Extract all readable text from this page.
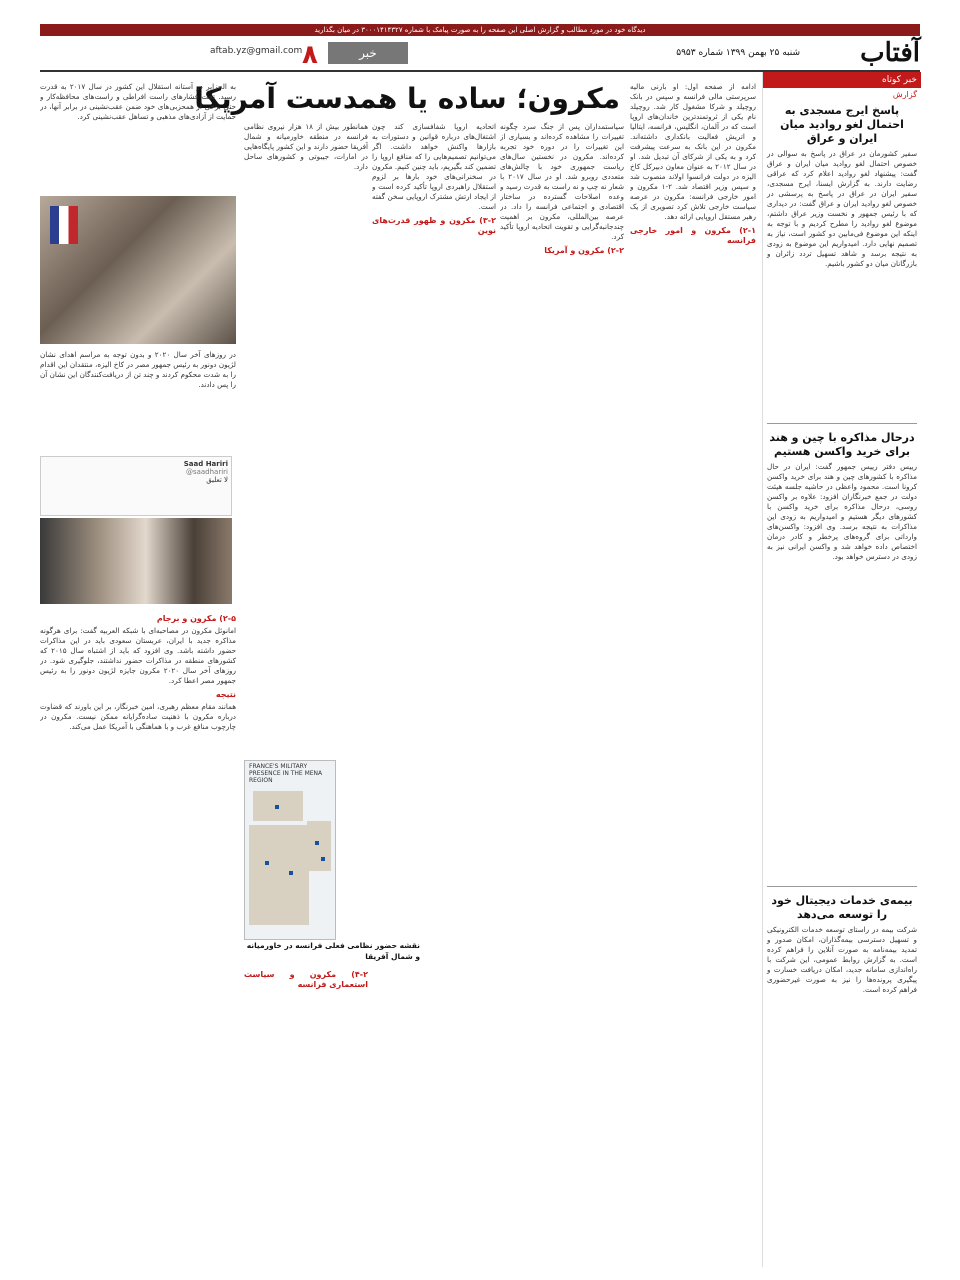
دیدگاه خود در مورد مطالب و گزارش اصلی این صفحه را به صورت پیامک با شماره ۳۰۰۰۱۴۱۴۳۲۷ در میان بگذارید
آفتاب
شنبه ۲۵ بهمن ۱۳۹۹ شماره ۵۹۵۳
خبر
۸
aftab.yz@gmail.com
خبر کوتاه
گزارش
پاسخ ایرج مسجدی به احتمال لغو روادید میان ایران و عراق
سفیر کشورمان در عراق در پاسخ به سوالی در خصوص احتمال لغو روادید میان ایران و عراق گفت: پیشنهاد لغو روادید اعلام کرد که عراقی رضایت دارند. به گزارش ایسنا، ایرج مسجدی، سفیر ایران در عراق در پاسخ به پرسشی در خصوص لغو روادید ایران و عراق گفت: در دیداری که با رئیس جمهور و نخست وزیر عراق داشتم، موضوع لغو روادید را مطرح کردیم و با توجه به اینکه این موضوع فی‌مابین دو کشور است، نیاز به تصمیم نهایی دارد. امیدواریم این موضوع به زودی به نتیجه برسد و شاهد تسهیل تردد زائران و بازرگانان میان دو کشور باشیم.
درحال مذاکره با چین و هند برای خرید واکسن هستیم
رییس دفتر رییس جمهور گفت: ایران در حال مذاکره با کشورهای چین و هند برای خرید واکسن کرونا است. محمود واعظی در حاشیه جلسه هیئت دولت در جمع خبرنگاران افزود: علاوه بر واکسن روسی، درحال مذاکره برای خرید واکسن با کشورهای دیگر هستیم و امیدواریم به زودی این مذاکرات به نتیجه برسد. وی افزود: واکسن‌های وارداتی برای گروه‌های پرخطر و کادر درمان اختصاص داده خواهد شد و واکسن ایرانی نیز به زودی در دسترس خواهد بود.
بیمه‌ی خدمات دیجیتال خود را توسعه می‌دهد
شرکت بیمه در راستای توسعه خدمات الکترونیکی و تسهیل دسترسی بیمه‌گذاران، امکان صدور و تمدید بیمه‌نامه به صورت آنلاین را فراهم کرده است. به گزارش روابط عمومی، این شرکت با راه‌اندازی سامانه جدید، امکان دریافت خسارت و پیگیری پرونده‌ها را نیز به صورت غیرحضوری فراهم کرده است.
مکرون؛ ساده یا همدست آمریکا ادامه از صفحه اول: او بارنی مالیه سرپرستی مالی فرانسه و سپس در بانک روچیلد و شرکا مشغول کار شد. روچیلد نام یکی از ثروتمندترین خاندان‌های اروپا است که در آلمان، انگلیس، فرانسه، ایتالیا و اتریش فعالیت بانکداری داشته‌اند. مکرون در این بانک به سرعت پیشرفت کرد و به یکی از شرکای آن تبدیل شد. او در سال ۲۰۱۲ به عنوان معاون دبیرکل کاخ الیزه در دولت فرانسوا اولاند منصوب شد و سپس وزیر اقتصاد شد. ۲-۱ مکرون و امور خارجی فرانسه: مکرون در عرصه سیاست خارجی تلاش کرد تصویری از یک رهبر مستقل اروپایی ارائه دهد.
۲-۱) مکرون و امور خارجی فرانسه
سیاستمداران پس از جنگ سرد چگونه تغییرات را مشاهده کرده‌اند و بسیاری از این تغییرات را در دوره خود تجربه کرده‌اند. مکرون در نخستین سال‌های ریاست جمهوری خود با چالش‌های متعددی روبرو شد. او در سال ۲۰۱۷ با شعار نه چپ و نه راست به قدرت رسید و وعده اصلاحات گسترده در ساختار اقتصادی و اجتماعی فرانسه را داد. در عرصه بین‌المللی، مکرون بر اهمیت چندجانبه‌گرایی و تقویت اتحادیه اروپا تأکید کرد.
۲-۲) مکرون و آمریکا
اتحادیه اروپا شفافسازی کند چون اشتغال‌های درباره قوانین و دستورات به بازارها واکنش خواهد داشت. اگر می‌توانیم تصمیم‌هایی را که منافع اروپا را تضمین کند بگیریم، باید چنین کنیم. مکرون در سخنرانی‌های خود بارها بر لزوم استقلال راهبردی اروپا تأکید کرده است و از ایجاد ارتش مشترک اروپایی سخن گفته است.
۳-۲) مکرون و ظهور قدرت‌های نوین
همانطور بیش از ۱۸ هزار نیروی نظامی فرانسه در منطقه خاورمیانه و شمال آفریقا حضور دارند و این کشور پایگاه‌هایی در امارات، جیبوتی و کشورهای ساحل دارد.
FRANCE'S MILITARY PRESENCE IN THE MENA REGION
نقشه حضور نظامی فعلی فرانسه در خاورمیانه و شمال آفریقا
۴-۲) مکرون و سیاست استعماری فرانسه
به الجزایر در آستانه استقلال این کشور در سال ۲۰۱۷ به قدرت رسید. تحت فشارهای راست افراطی و راست‌های محافظه‌کار و حتی برخی از همحزبی‌های خود ضمن عقب‌نشینی در برابر آنها، در حمایت از آزادی‌های مذهبی و تساهل عقب‌نشینی کرد.
در روزهای آخر سال ۲۰۲۰ و بدون توجه به مراسم اهدای نشان لژیون دونور به رئیس جمهور مصر در کاخ الیزه، منتقدان این اقدام را به شدت محکوم کردند و چند تن از دریافت‌کنندگان این نشان آن را پس دادند.
Saad Hariri
@saadhariri
لا تعليق
۲-۵) مکرون و برجام
امانوئل مکرون در مصاحبه‌ای با شبکه العربیه گفت: برای هرگونه مذاکره جدید با ایران، عربستان سعودی باید در این مذاکرات حضور داشته باشد. وی افزود که باید از اشتباه سال ۲۰۱۵ که کشورهای منطقه در مذاکرات حضور نداشتند، جلوگیری شود. در روزهای آخر سال ۲۰۲۰ مکرون جایزه لژیون دونور را به رئیس جمهور مصر اعطا کرد.
نتیجه
همانند مقام معظم رهبری، امین خبرنگار، بر این باورند که قضاوت درباره مکرون با ذهنیت ساده‌گرایانه ممکن نیست. مکرون در چارچوب منافع غرب و با هماهنگی با آمریکا عمل می‌کند.
